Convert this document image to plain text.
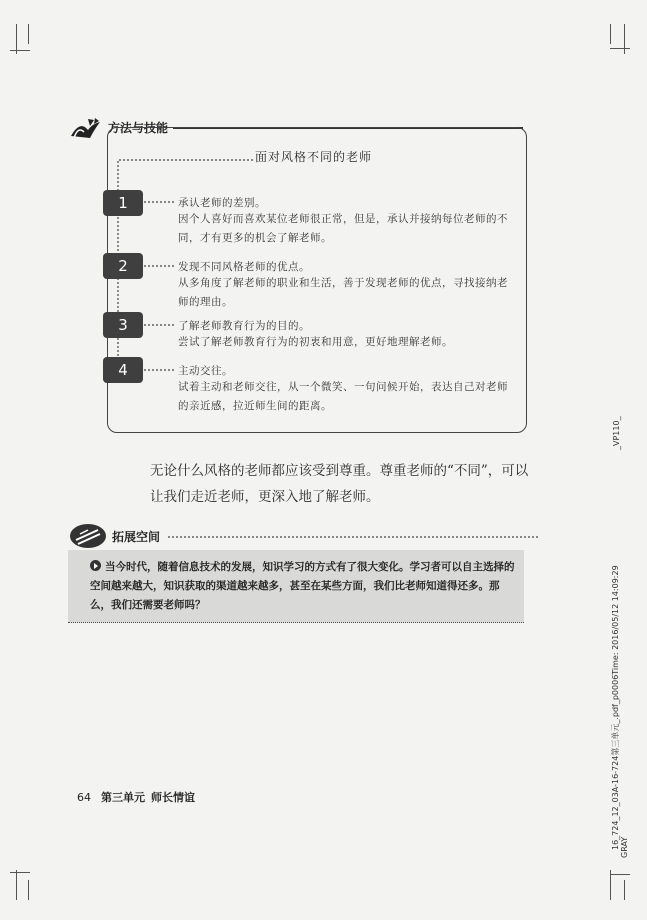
方法与技能
面对风格不同的老师
1	承认老师的差别。
因个人喜好而喜欢某位老师很正常，但是，承认并接纳每位老师的不同，才有更多的机会了解老师。
2	发现不同风格老师的优点。
从多角度了解老师的职业和生活，善于发现老师的优点，寻找接纳老师的理由。
3	了解老师教育行为的目的。
尝试了解老师教育行为的初衷和用意，更好地理解老师。
4	主动交往。
试着主动和老师交往，从一个微笑、一句问候开始，表达自己对老师的亲近感，拉近师生间的距离。
无论什么风格的老师都应该受到尊重。尊重老师的“不同”，可以让我们走近老师，更深入地了解老师。
拓展空间
当今时代，随着信息技术的发展，知识学习的方式有了很大变化。学习者可以自主选择的空间越来越大，知识获取的渠道越来越多，甚至在某些方面，我们比老师知道得还多。那么，我们还需要老师吗？
64 第三单元 师长情谊
_VP110_
16_724_12_03A-16-724第三单元_.pdf_p0006Time: 2016/05/12 14:09:29 GRAY
